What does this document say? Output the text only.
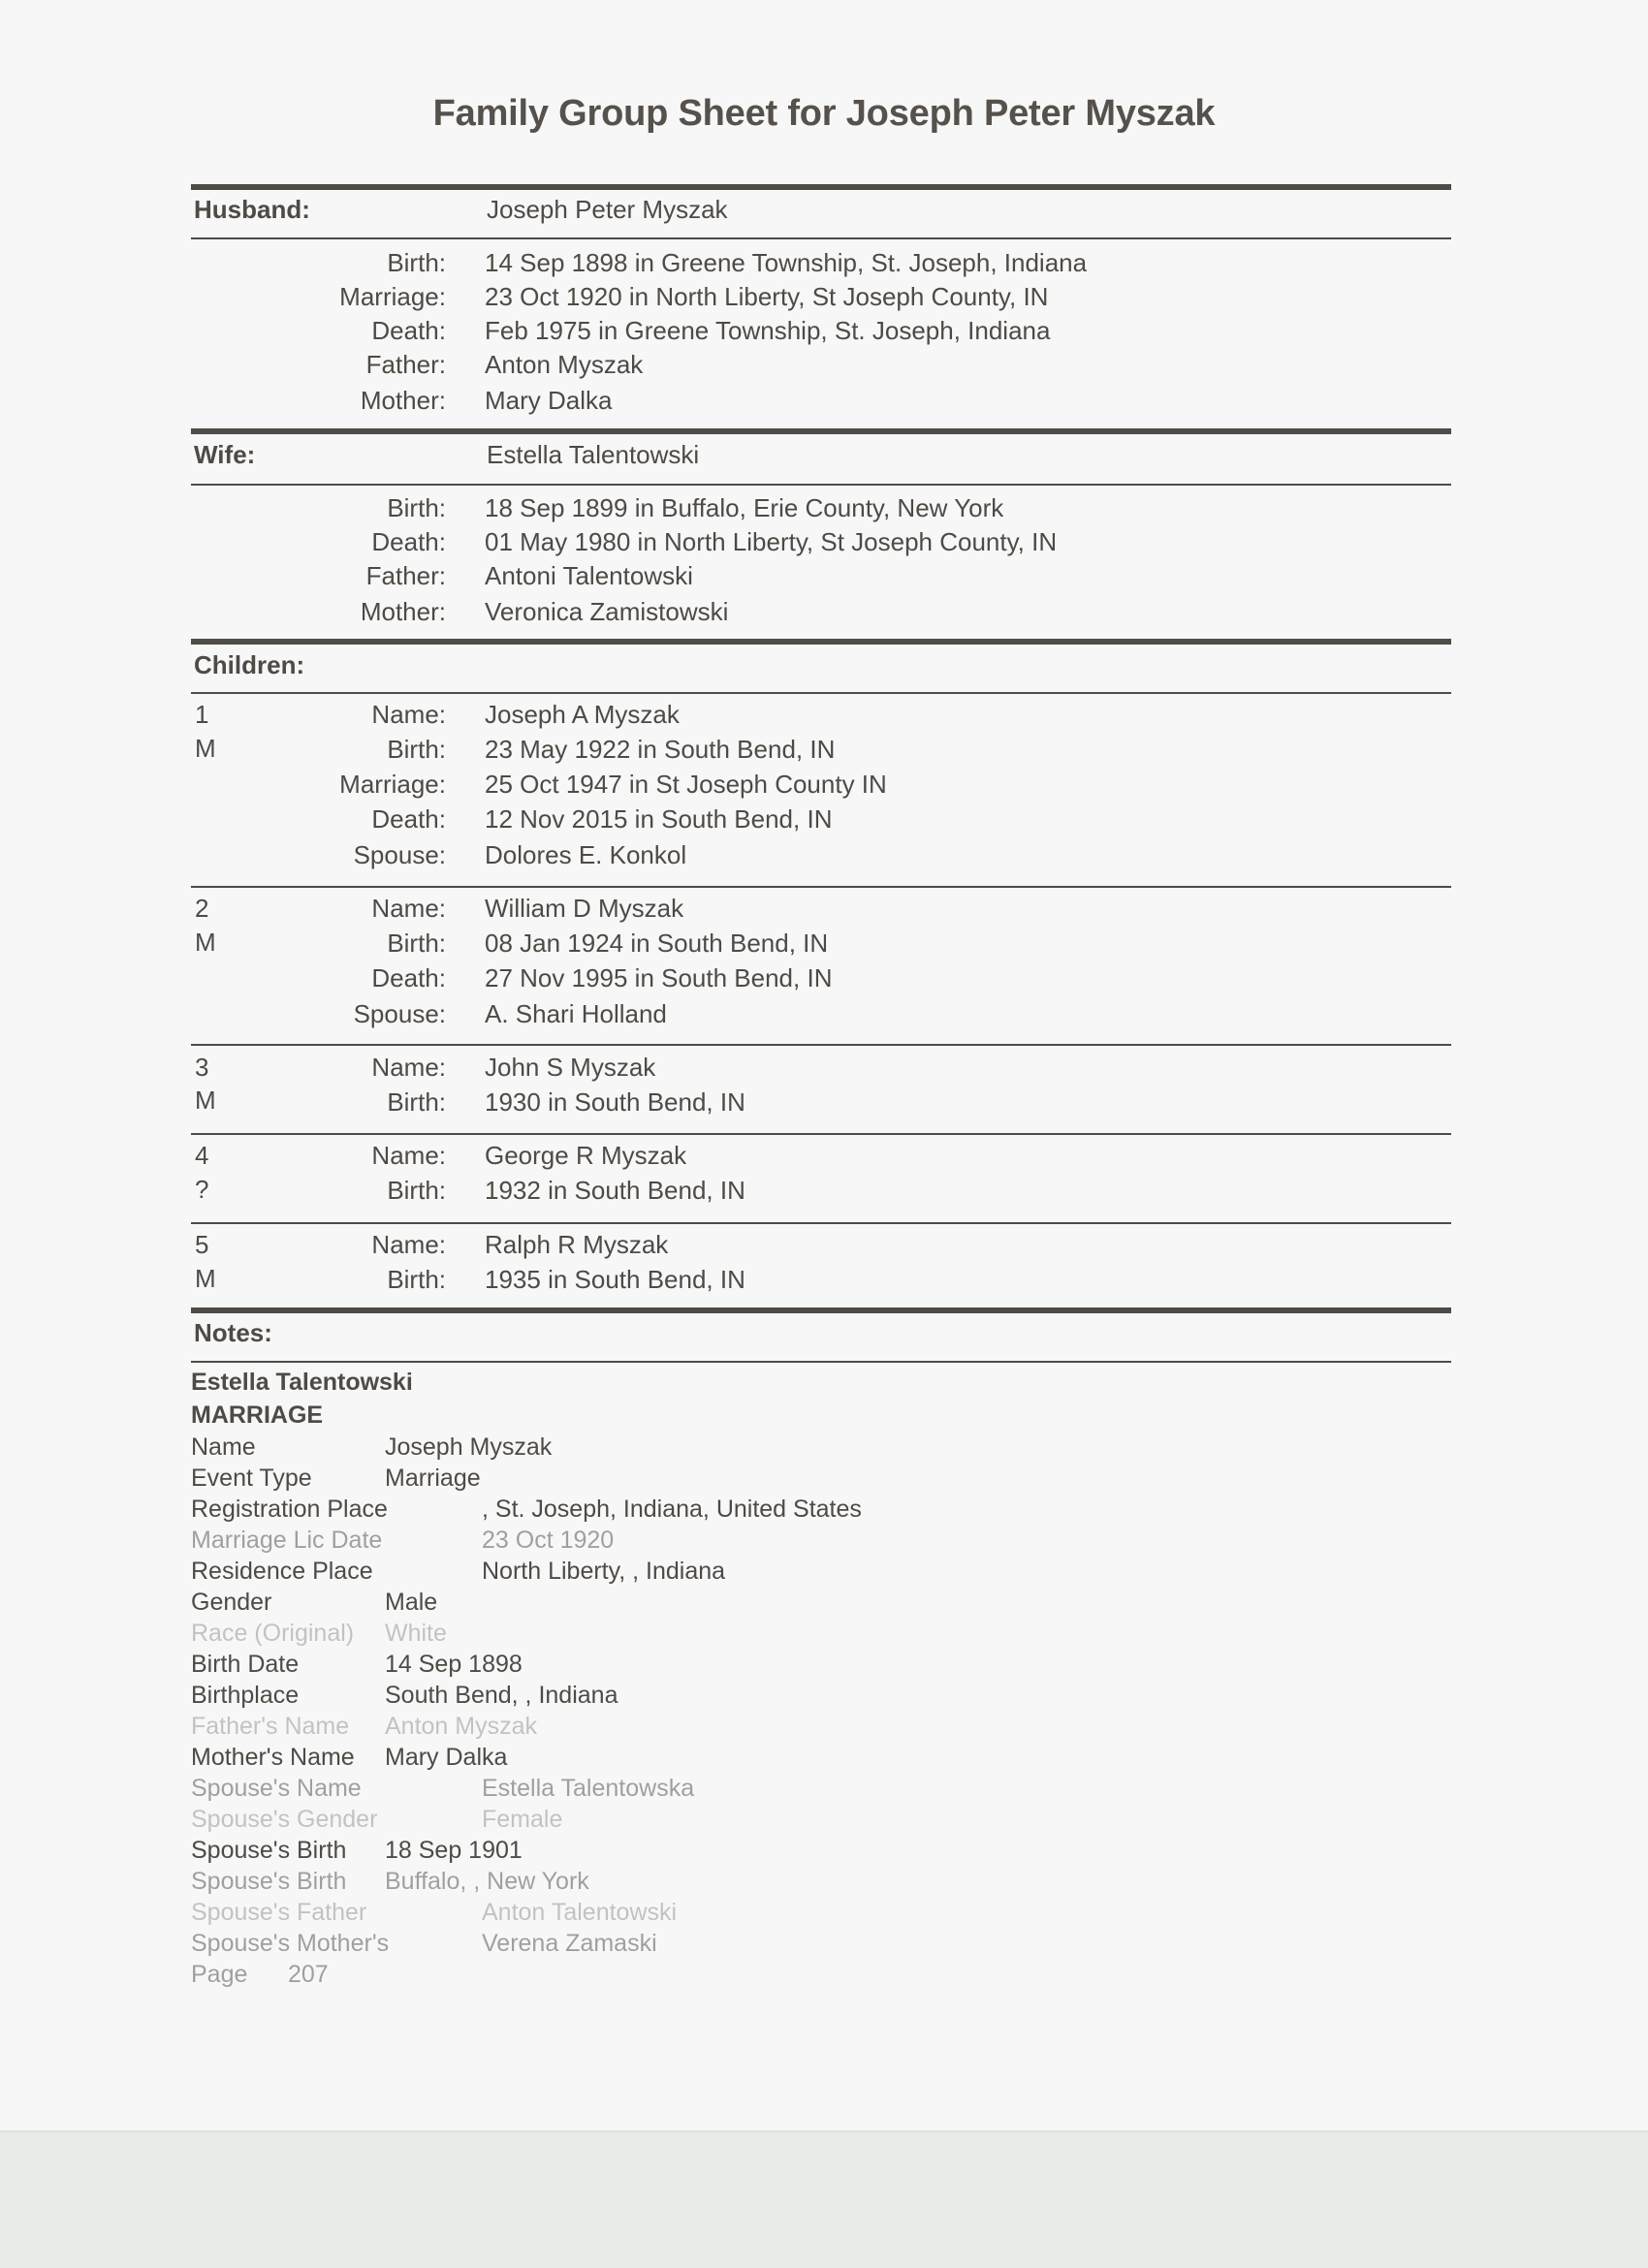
Family Group Sheet for Joseph Peter Myszak
Husband:	Joseph Peter Myszak
Birth: 14 Sep 1898 in Greene Township, St. Joseph, Indiana
Marriage: 23 Oct 1920 in North Liberty, St Joseph County, IN
Death: Feb 1975 in Greene Township, St. Joseph, Indiana
Father: Anton Myszak
Mother: Mary Dalka
Wife:	Estella Talentowski
Birth: 18 Sep 1899 in Buffalo, Erie County, New York
Death: 01 May 1980 in North Liberty, St Joseph County, IN
Father: Antoni Talentowski
Mother: Veronica Zamistowski
Children:
1
M
Name: Joseph A Myszak
Birth: 23 May 1922 in South Bend, IN
Marriage: 25 Oct 1947 in St Joseph County IN
Death: 12 Nov 2015 in South Bend, IN
Spouse: Dolores E. Konkol
2
M
Name: William D Myszak
Birth: 08 Jan 1924 in South Bend, IN
Death: 27 Nov 1995 in South Bend, IN
Spouse: A. Shari Holland
3
M
Name: John S Myszak
Birth: 1930 in South Bend, IN
4
?
Name: George R Myszak
Birth: 1932 in South Bend, IN
5
M
Name: Ralph R Myszak
Birth: 1935 in South Bend, IN
Notes:
Estella Talentowski
MARRIAGE
Name	Joseph Myszak
Event Type	Marriage
Registration Place	, St. Joseph, Indiana, United States
Marriage Lic Date	23 Oct 1920
Residence Place	North Liberty, , Indiana
Gender	Male
Race (Original) White
Birth Date	14 Sep 1898
Birthplace	South Bend, , Indiana
Father's Name Anton Myszak
Mother's Name Mary Dalka
Spouse's Name	Estella Talentowska
Spouse's Gender	Female
Spouse's Birth 18 Sep 1901
Spouse's Birth Buffalo, , New York
Spouse's Father	Anton Talentowski
Spouse's Mother's	Verena Zamaski
Page 207
